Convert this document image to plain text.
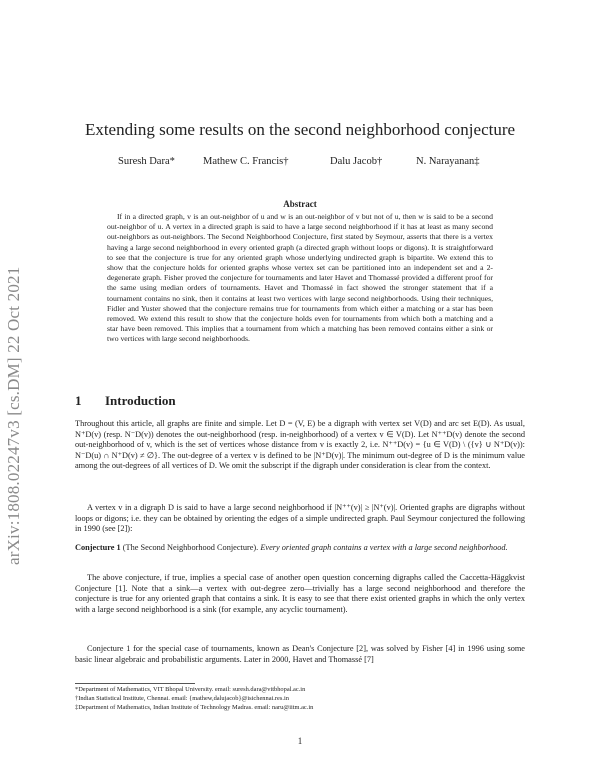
arXiv:1808.02247v3 [cs.DM] 22 Oct 2021
Extending some results on the second neighborhood conjecture
Suresh Dara*	Mathew C. Francis†	Dalu Jacob†	N. Narayanan‡
Abstract
If in a directed graph, v is an out-neighbor of u and w is an out-neighbor of v but not of u, then w is said to be a second out-neighbor of u. A vertex in a directed graph is said to have a large second neighborhood if it has at least as many second out-neighbors as out-neighbors. The Second Neighborhood Conjecture, first stated by Seymour, asserts that there is a vertex having a large second neighborhood in every oriented graph (a directed graph without loops or digons). It is straightforward to see that the conjecture is true for any oriented graph whose underlying undirected graph is bipartite. We extend this to show that the conjecture holds for oriented graphs whose vertex set can be partitioned into an independent set and a 2-degenerate graph. Fisher proved the conjecture for tournaments and later Havet and Thomassé provided a different proof for the same using median orders of tournaments. Havet and Thomassé in fact showed the stronger statement that if a tournament contains no sink, then it contains at least two vertices with large second neighborhoods. Using their techniques, Fidler and Yuster showed that the conjecture remains true for tournaments from which either a matching or a star has been removed. We extend this result to show that the conjecture holds even for tournaments from which both a matching and a star have been removed. This implies that a tournament from which a matching has been removed contains either a sink or two vertices with large second neighborhoods.
1 Introduction
Throughout this article, all graphs are finite and simple. Let D = (V, E) be a digraph with vertex set V(D) and arc set E(D). As usual, N⁺D(v) (resp. N⁻D(v)) denotes the out-neighborhood (resp. in-neighborhood) of a vertex v ∈ V(D). Let N⁺⁺D(v) denote the second out-neighborhood of v, which is the set of vertices whose distance from v is exactly 2, i.e. N⁺⁺D(v) = {u ∈ V(D) \ ({v} ∪ N⁺D(v)): N⁻D(u) ∩ N⁺D(v) ≠ ∅}. The out-degree of a vertex v is defined to be |N⁺D(v)|. The minimum out-degree of D is the minimum value among the out-degrees of all vertices of D. We omit the subscript if the digraph under consideration is clear from the context.
A vertex v in a digraph D is said to have a large second neighborhood if |N⁺⁺(v)| ≥ |N⁺(v)|. Oriented graphs are digraphs without loops or digons; i.e. they can be obtained by orienting the edges of a simple undirected graph. Paul Seymour conjectured the following in 1990 (see [2]):
Conjecture 1 (The Second Neighborhood Conjecture). Every oriented graph contains a vertex with a large second neighborhood.
The above conjecture, if true, implies a special case of another open question concerning digraphs called the Caccetta-Häggkvist Conjecture [1]. Note that a sink—a vertex with out-degree zero—trivially has a large second neighborhood and therefore the conjecture is true for any oriented graph that contains a sink. It is easy to see that there exist oriented graphs in which the only vertex with a large second neighborhood is a sink (for example, any acyclic tournament).
Conjecture 1 for the special case of tournaments, known as Dean's Conjecture [2], was solved by Fisher [4] in 1996 using some basic linear algebraic and probabilistic arguments. Later in 2000, Havet and Thomassé [7]
*Department of Mathematics, VIT Bhopal University. email: suresh.dara@vitbhopal.ac.in
†Indian Statistical Institute, Chennai. email: {mathew,dalujacob}@isichennai.res.in
‡Department of Mathematics, Indian Institute of Technology Madras. email: naru@iitm.ac.in
1
